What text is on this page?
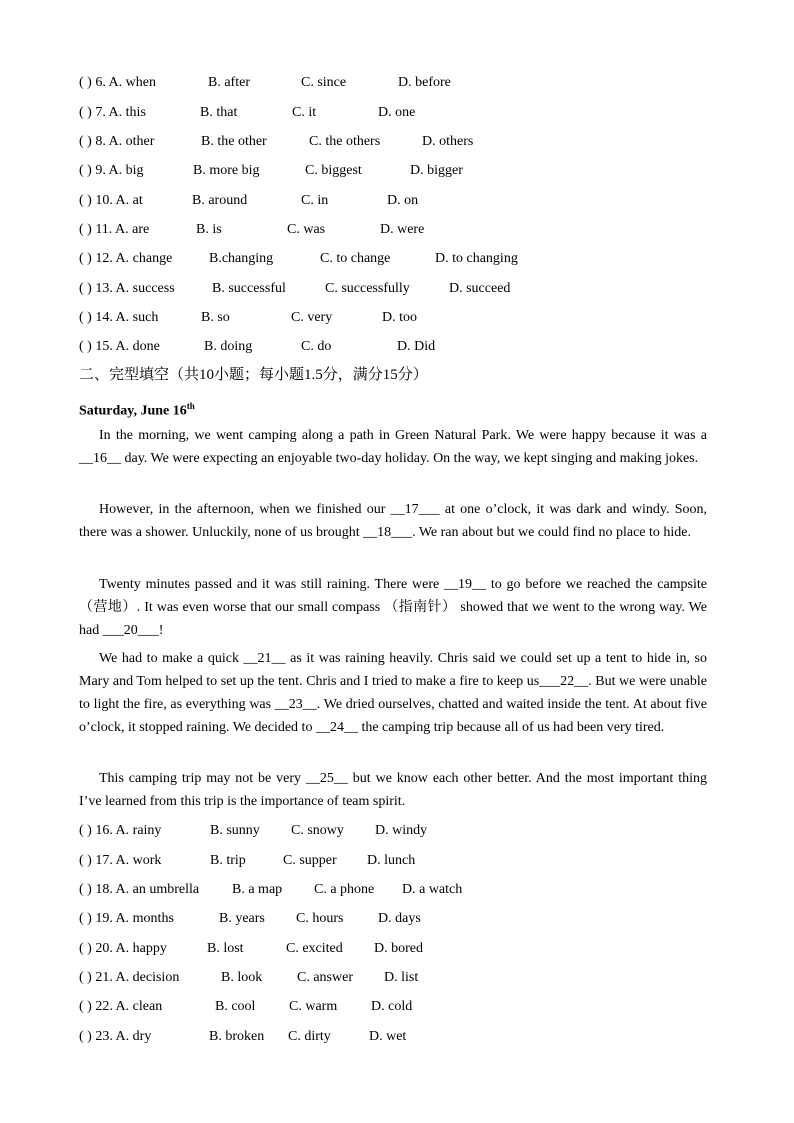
( ) 6. A. when	B. after	C. since	D. before
( ) 7. A. this	B. that	C. it	D. one
( ) 8. A. other	B. the other	C. the others	D. others
( ) 9. A. big	B. more big	C. biggest	D. bigger
( ) 10. A. at	B. around	C. in	D. on
( ) 11. A. are	B. is	C. was	D. were
( ) 12. A. change	B.changing	C. to change	D. to changing
( ) 13. A. success	B. successful	C. successfully	D. succeed
( ) 14. A. such	B. so	C. very	D. too
( ) 15. A. done	B. doing	C. do	D. Did
二、完型填空（共10小题；每小题1.5分，满分15分）
Saturday, June 16th

In the morning, we went camping along a path in Green Natural Park. We were happy because it was a __16__ day. We were expecting an enjoyable two-day holiday. On the way, we kept singing and making jokes.

However, in the afternoon, when we finished our __17___ at one o’clock, it was dark and windy. Soon, there was a shower. Unluckily, none of us brought __18___. We ran about but we could find no place to hide.

Twenty minutes passed and it was still raining. There were __19__ to go before we reached the campsite （营地）. It was even worse that our small compass （指南针） showed that we went to the wrong way. We had ___20___!

We had to make a quick __21__ as it was raining heavily. Chris said we could set up a tent to hide in, so Mary and Tom helped to set up the tent. Chris and I tried to make a fire to keep us___22__. But we were unable to light the fire, as everything was __23__. We dried ourselves, chatted and waited inside the tent. At about five o’clock, it stopped raining. We decided to __24__ the camping trip because all of us had been very tired.

This camping trip may not be very __25__ but we know each other better. And the most important thing I’ve learned from this trip is the importance of team spirit.

( ) 16. A. rainy	B. sunny C. snowy D. windy
( ) 17. A. work	B. trip	C. supper D. lunch
( ) 18. A. an umbrella B. a map C. a phone D. a watch
( ) 19. A. months	B. years C. hours D. days
( ) 20. A. happy	B. lost	C. excited D. bored
( ) 21. A. decision	B. look C. answer D. list
( ) 22. A. clean	B. cool C. warm D. cold
( ) 23. A. dry	B. broken C. dirty	D. wet
